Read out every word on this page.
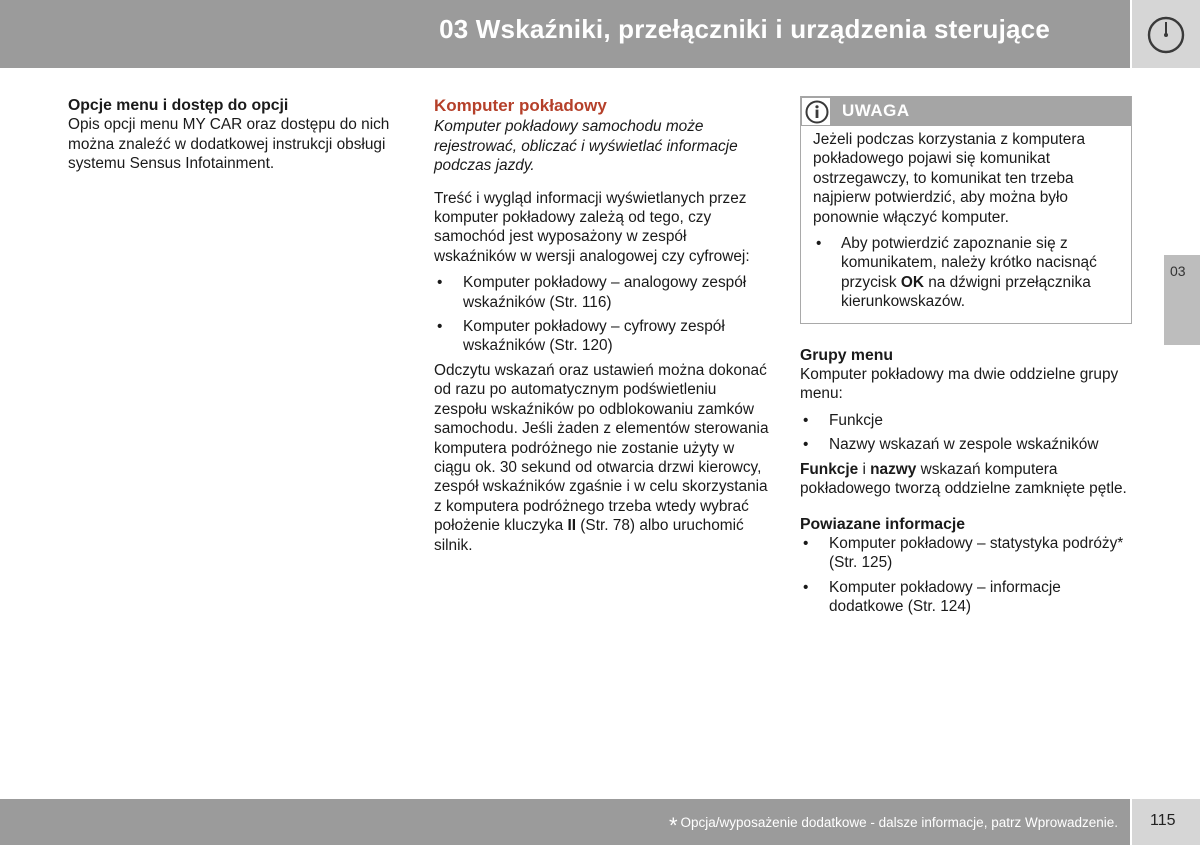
03 Wskaźniki, przełączniki i urządzenia sterujące
03
Opcje menu i dostęp do opcji
Opis opcji menu MY CAR oraz dostępu do nich można znaleźć w dodatkowej instrukcji obsługi systemu Sensus Infotainment.
Komputer pokładowy
Komputer pokładowy samochodu może rejestrować, obliczać i wyświetlać informacje podczas jazdy.
Treść i wygląd informacji wyświetlanych przez komputer pokładowy zależą od tego, czy samochód jest wyposażony w zespół wskaźników w wersji analogowej czy cyfrowej:
• Komputer pokładowy – analogowy zespół wskaźników (Str. 116)
• Komputer pokładowy – cyfrowy zespół wskaźników (Str. 120)
Odczytu wskazań oraz ustawień można dokonać od razu po automatycznym podświetleniu zespołu wskaźników po odblokowaniu zamków samochodu. Jeśli żaden z elementów sterowania komputera podróżnego nie zostanie użyty w ciągu ok. 30 sekund od otwarcia drzwi kierowcy, zespół wskaźników zgaśnie i w celu skorzystania z komputera podróżnego trzeba wtedy wybrać położenie kluczyka II (Str. 78) albo uruchomić silnik.
UWAGA
Jeżeli podczas korzystania z komputera pokładowego pojawi się komunikat ostrzegawczy, to komunikat ten trzeba najpierw potwierdzić, aby można było ponownie włączyć komputer.
• Aby potwierdzić zapoznanie się z komunikatem, należy krótko nacisnąć przycisk OK na dźwigni przełącznika kierunkowskazów.
Grupy menu
Komputer pokładowy ma dwie oddzielne grupy menu:
• Funkcje
• Nazwy wskazań w zespole wskaźników
Funkcje i nazwy wskazań komputera pokładowego tworzą oddzielne zamknięte pętle.
Powiazane informacje
• Komputer pokładowy – statystyka podróży* (Str. 125)
• Komputer pokładowy – informacje dodatkowe (Str. 124)
* Opcja/wyposażenie dodatkowe - dalsze informacje, patrz Wprowadzenie. 115
